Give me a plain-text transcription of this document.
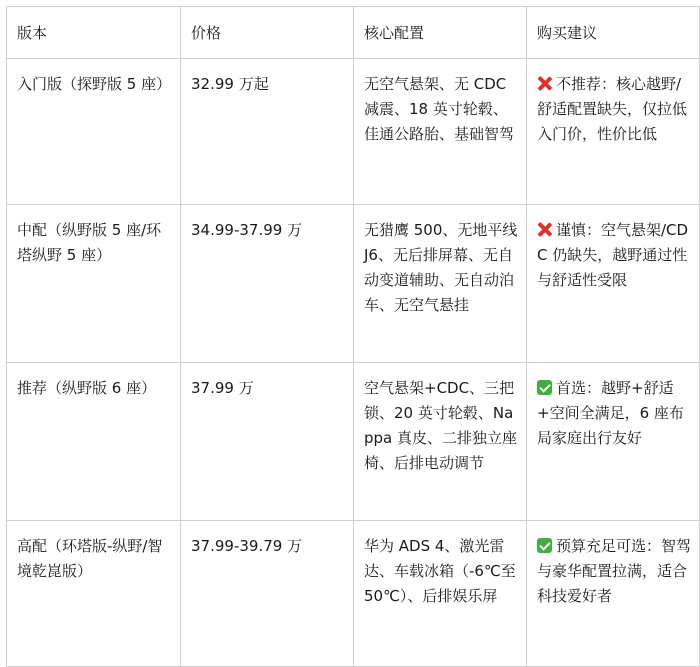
版本	价格	核心配置	购买建议
入门版（探野版 5 座）	32.99 万起	无空气悬架、无 CDC 减震、18 英寸轮毂、佳通公路胎、基础智驾	不推荐：核心越野/舒适配置缺失，仅拉低入门价，性价比低
中配（纵野版 5 座/环塔纵野 5 座）	34.99-37.99 万	无猎鹰 500、无地平线 J6、无后排屏幕、无自动变道辅助、无自动泊车、无空气悬挂	谨慎：空气悬架/CDC 仍缺失，越野通过性与舒适性受限
推荐（纵野版 6 座）	37.99 万	空气悬架+CDC、三把锁、20 英寸轮毂、Nappa 真皮、二排独立座椅、后排电动调节	首选：越野+舒适+空间全满足，6 座布局家庭出行友好
高配（环塔版-纵野/智境乾崑版）	37.99-39.79 万	华为 ADS 4、激光雷达、车载冰箱（-6℃至 50℃）、后排娱乐屏	预算充足可选：智驾与豪华配置拉满，适合科技爱好者
